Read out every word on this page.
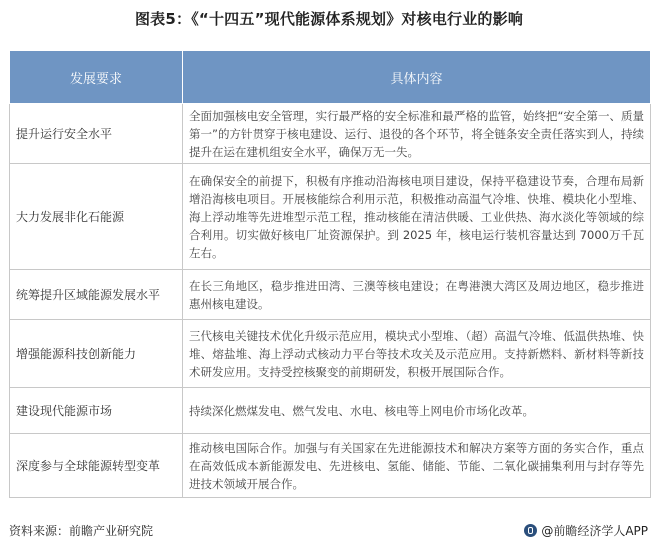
图表5：《“十四五”现代能源体系规划》对核电行业的影响
发展要求	具体内容
提升运行安全水平	全面加强核电安全管理，实行最严格的安全标准和最严格的监管，始终把“安全第一、质量第一”的方针贯穿于核电建设、运行、退役的各个环节，将全链条安全责任落实到人，持续提升在运在建机组安全水平，确保万无一失。
大力发展非化石能源	在确保安全的前提下，积极有序推动沿海核电项目建设，保持平稳建设节奏，合理布局新增沿海核电项目。开展核能综合利用示范，积极推动高温气冷堆、快堆、模块化小型堆、海上浮动堆等先进堆型示范工程，推动核能在清洁供暖、工业供热、海水淡化等领域的综合利用。切实做好核电厂址资源保护。到 2025 年，核电运行装机容量达到 7000万千瓦左右。
统筹提升区域能源发展水平	在长三角地区，稳步推进田湾、三澳等核电建设；在粤港澳大湾区及周边地区，稳步推进惠州核电建设。
增强能源科技创新能力	三代核电关键技术优化升级示范应用，模块式小型堆、（超）高温气冷堆、低温供热堆、快堆、熔盐堆、海上浮动式核动力平台等技术攻关及示范应用。支持新燃料、新材料等新技术研发应用。支持受控核聚变的前期研发，积极开展国际合作。
建设现代能源市场	持续深化燃煤发电、燃气发电、水电、核电等上网电价市场化改革。
深度参与全球能源转型变革	推动核电国际合作。加强与有关国家在先进能源技术和解决方案等方面的务实合作，重点在高效低成本新能源发电、先进核电、氢能、储能、节能、二氧化碳捕集利用与封存等先进技术领域开展合作。
资料来源：前瞻产业研究院	@前瞻经济学人APP
